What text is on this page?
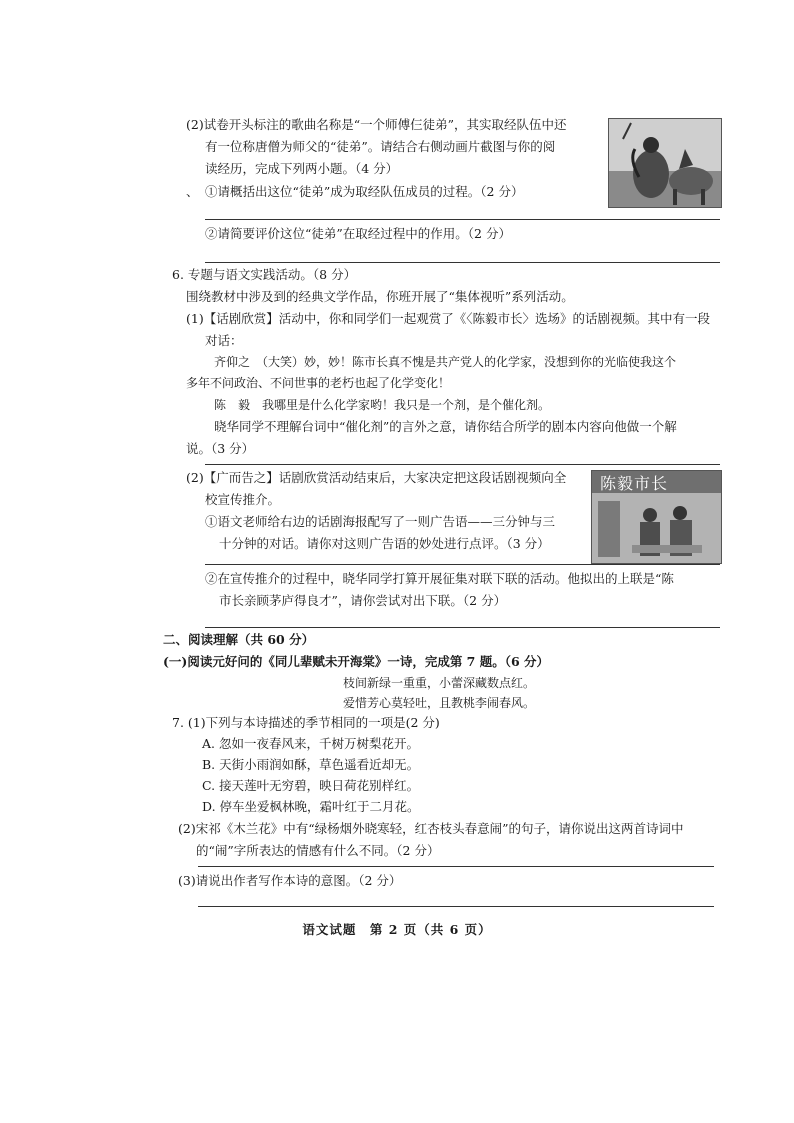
(2)试卷开头标注的歌曲名称是“一个师傅仨徒弟”，其实取经队伍中还
有一位称唐僧为师父的“徒弟”。请结合右侧动画片截图与你的阅
读经历，完成下列两小题。（4 分）
、 ①请概括出这位“徒弟”成为取经队伍成员的过程。（2 分）
②请简要评价这位“徒弟”在取经过程中的作用。（2 分）
6. 专题与语文实践活动。（8 分）
围绕教材中涉及到的经典文学作品，你班开展了“集体视听”系列活动。
(1)【话剧欣赏】活动中，你和同学们一起观赏了《〈陈毅市长〉选场》的话剧视频。其中有一段
对话：
齐仰之　（大笑）妙，妙！陈市长真不愧是共产党人的化学家，没想到你的光临使我这个
多年不问政治、不问世事的老朽也起了化学变化！
陈　毅　我哪里是什么化学家哟！我只是一个剂，是个催化剂。
晓华同学不理解台词中“催化剂”的言外之意，请你结合所学的剧本内容向他做一个解
说。（3 分）
(2)【广而告之】话剧欣赏活动结束后，大家决定把这段话剧视频向全
校宣传推介。
①语文老师给右边的话剧海报配写了一则广告语——三分钟与三
十分钟的对话。请你对这则广告语的妙处进行点评。（3 分）
陈毅市长
②在宣传推介的过程中，晓华同学打算开展征集对联下联的活动。他拟出的上联是“陈
市长亲顾茅庐得良才”，请你尝试对出下联。（2 分）
二、阅读理解（共 60 分）
(一)阅读元好问的《同儿辈赋未开海棠》一诗，完成第 7 题。（6 分）
枝间新绿一重重，小蕾深藏数点红。
爱惜芳心莫轻吐，且教桃李闹春风。
7. (1)下列与本诗描述的季节相同的一项是(2 分)
A. 忽如一夜春风来，千树万树梨花开。
B. 天街小雨润如酥，草色遥看近却无。
C. 接天莲叶无穷碧，映日荷花别样红。
D. 停车坐爱枫林晚，霜叶红于二月花。
(2)宋祁《木兰花》中有“绿杨烟外晓寒轻，红杏枝头春意闹”的句子，请你说出这两首诗词中
的“闹”字所表达的情感有什么不同。（2 分）
(3)请说出作者写作本诗的意图。（2 分）
语文试题　第 2 页（共 6 页）
